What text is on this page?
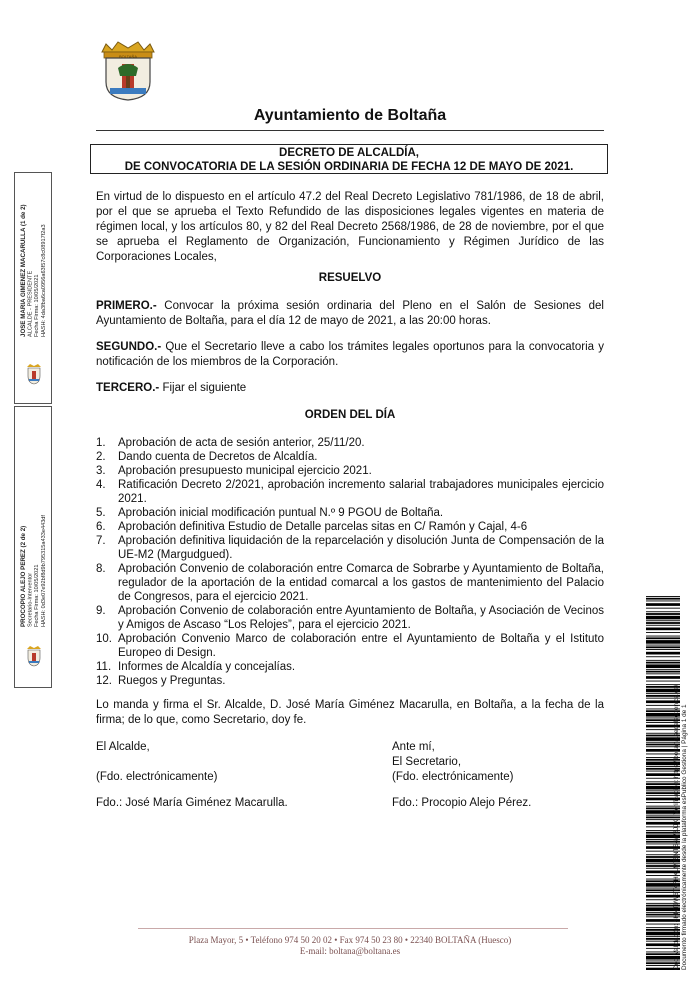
BOLTAÑA
Ayuntamiento de Boltaña
DECRETO DE ALCALDÍA,
DE CONVOCATORIA DE LA SESIÓN ORDINARIA DE FECHA 12 DE MAYO DE 2021.
En virtud de lo dispuesto en el artículo 47.2 del Real Decreto Legislativo 781/1986, de 18 de abril, por el que se aprueba el Texto Refundido de las disposiciones legales vigentes en materia de régimen local, y los artículos 80, y 82 del Real Decreto 2568/1986, de 28 de noviembre, por el que se aprueba el Reglamento de Organización, Funcionamiento y Régimen Jurídico de las Corporaciones Locales,
RESUELVO
PRIMERO.- Convocar la próxima sesión ordinaria del Pleno en el Salón de Sesiones del Ayuntamiento de Boltaña, para el día 12 de mayo de 2021, a las 20:00 horas.
SEGUNDO.- Que el Secretario lleve a cabo los trámites legales oportunos para la convocatoria y notificación de los miembros de la Corporación.
TERCERO.- Fijar el siguiente
ORDEN DEL DÍA
1.	Aprobación de acta de sesión anterior, 25/11/20.
2.	Dando cuenta de Decretos de Alcaldía.
3.	Aprobación presupuesto municipal ejercicio 2021.
4.	Ratificación Decreto 2/2021, aprobación incremento salarial trabajadores municipales ejercicio 2021.
5.	Aprobación inicial modificación puntual N.º 9 PGOU de Boltaña.
6.	Aprobación definitiva Estudio de Detalle parcelas sitas en C/ Ramón y Cajal, 4-6
7.	Aprobación definitiva liquidación de la reparcelación y disolución Junta de Compensación de la UE-M2 (Margudgued).
8.	Aprobación Convenio de colaboración entre Comarca de Sobrarbe y Ayuntamiento de Boltaña, regulador de la aportación de la entidad comarcal a los gastos de mantenimiento del Palacio de Congresos, para el ejercicio 2021.
9.	Aprobación Convenio de colaboración entre Ayuntamiento de Boltaña, y Asociación de Vecinos y Amigos de Ascaso “Los Relojes”, para el ejercicio 2021.
10. Aprobación Convenio Marco de colaboración entre el Ayuntamiento de Boltaña y el Istituto Europeo di Design.
11. Informes de Alcaldía y concejalías.
12. Ruegos y Preguntas.
Lo manda y firma el Sr. Alcalde, D. José María Giménez Macarulla, en Boltaña, a la fecha de la firma; de lo que, como Secretario, doy fe.
El Alcalde,
(Fdo. electrónicamente)
Fdo.: José María Giménez Macarulla.
Ante mí,
El Secretario,
(Fdo. electrónicamente)
Fdo.: Procopio Alejo Pérez.
Plaza Mayor, 5 • Teléfono 974 50 20 02 • Fax 974 50 23 80 • 22340 BOLTAÑA (Huesco)
E-mail: boltana@boltana.es
JOSE MARIA GIMENEZ MACARULLA (1 de 2)
ALCALDE - PRESIDENTE
Fecha Firma: 10/05/2021
HASH: 4da3fba6ca0956a63f57c8c08917f2a3
PROCOPIO ALEJO PEREZ (2 de 2)
Secretario-Interventor
Fecha Firma: 10/05/2021
HASH: 0d3e07e92bf8d9b795315a433e443df
Cód. Validación: 4HNT9W6T4FHXLM75NTS4W2JJK | Verificación: https://boltana.sedelectronica.es/
Documento firmado electrónicamente desde la plataforma esPublico Gestiona | Página 1 de 1
